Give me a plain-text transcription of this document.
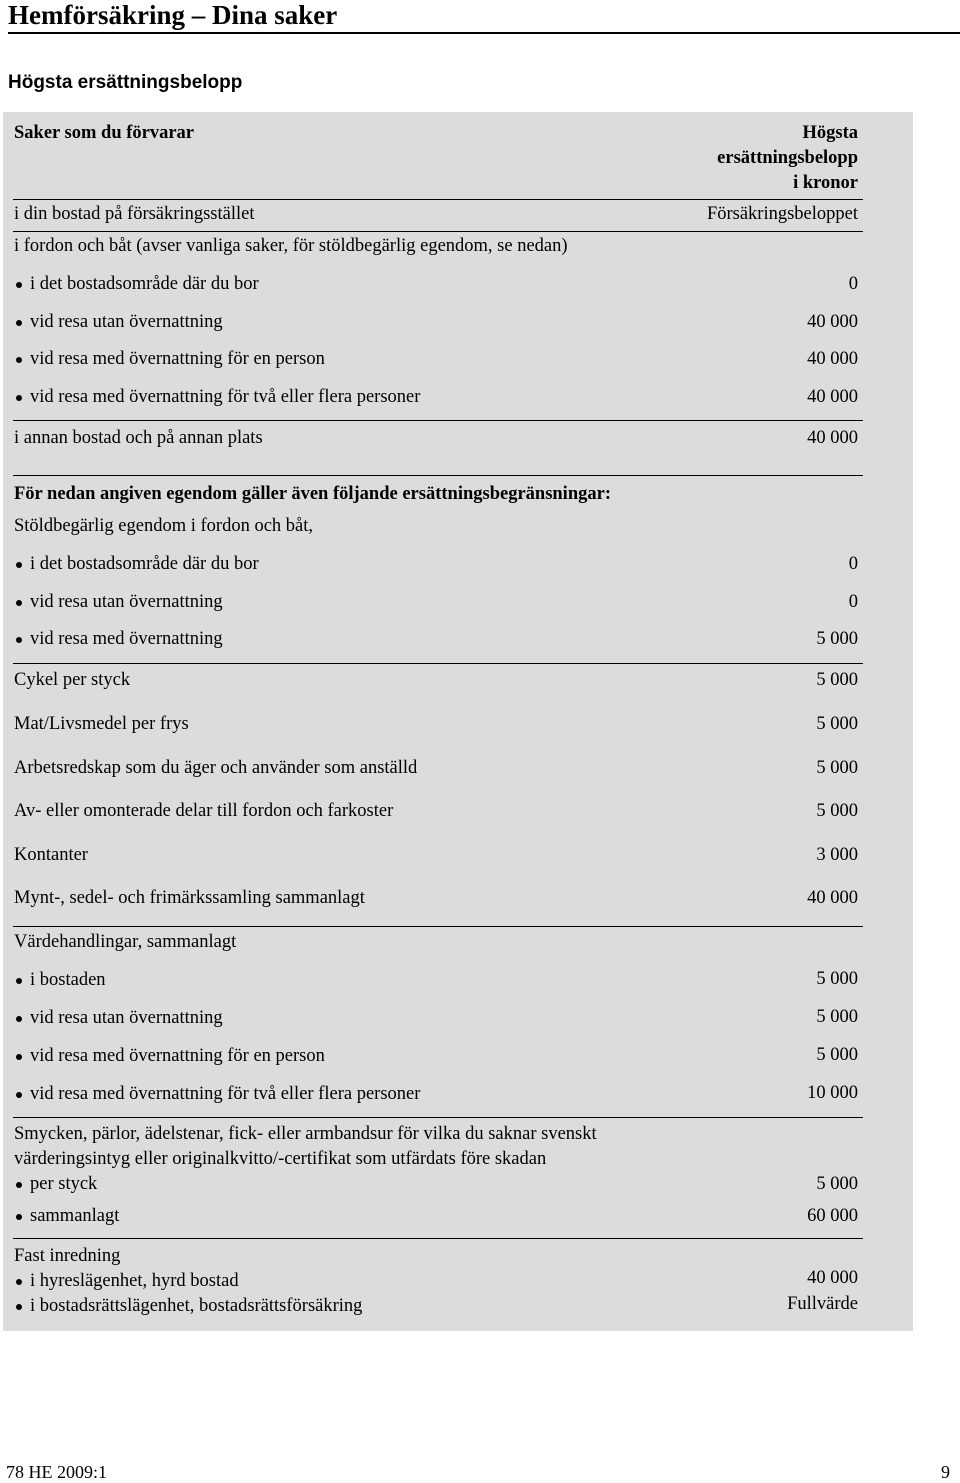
Hemförsäkring – Dina saker
Högsta ersättningsbelopp
Saker som du förvarar	Högsta
ersättningsbelopp
i kronor
i din bostad på försäkringsstället	Försäkringsbeloppet
i fordon och båt (avser vanliga saker, för stöldbegärlig egendom, se nedan)
i det bostadsområde där du bor	0
vid resa utan övernattning	40 000
vid resa med övernattning för en person	40 000
vid resa med övernattning för två eller flera personer	40 000
i annan bostad och på annan plats	40 000
För nedan angiven egendom gäller även följande ersättningsbegränsningar:
Stöldbegärlig egendom i fordon och båt,
i det bostadsområde där du bor	0
vid resa utan övernattning	0
vid resa med övernattning	5 000
Cykel per styck	5 000
Mat/Livsmedel per frys	5 000
Arbetsredskap som du äger och använder som anställd	5 000
Av- eller omonterade delar till fordon och farkoster	5 000
Kontanter	3 000
Mynt-, sedel- och frimärkssamling sammanlagt	40 000
Värdehandlingar, sammanlagt
i bostaden	5 000
vid resa utan övernattning	5 000
vid resa med övernattning för en person	5 000
vid resa med övernattning för två eller flera personer	10 000
Smycken, pärlor, ädelstenar, fick- eller armbandsur för vilka du saknar svenskt
värderingsintyg eller originalkvitto/-certifikat som utfärdats före skadan
per styck	5 000
sammanlagt	60 000
Fast inredning
i hyreslägenhet, hyrd bostad	40 000
i bostadsrättslägenhet, bostadsrättsförsäkring	Fullvärde
78 HE 2009:1	9
